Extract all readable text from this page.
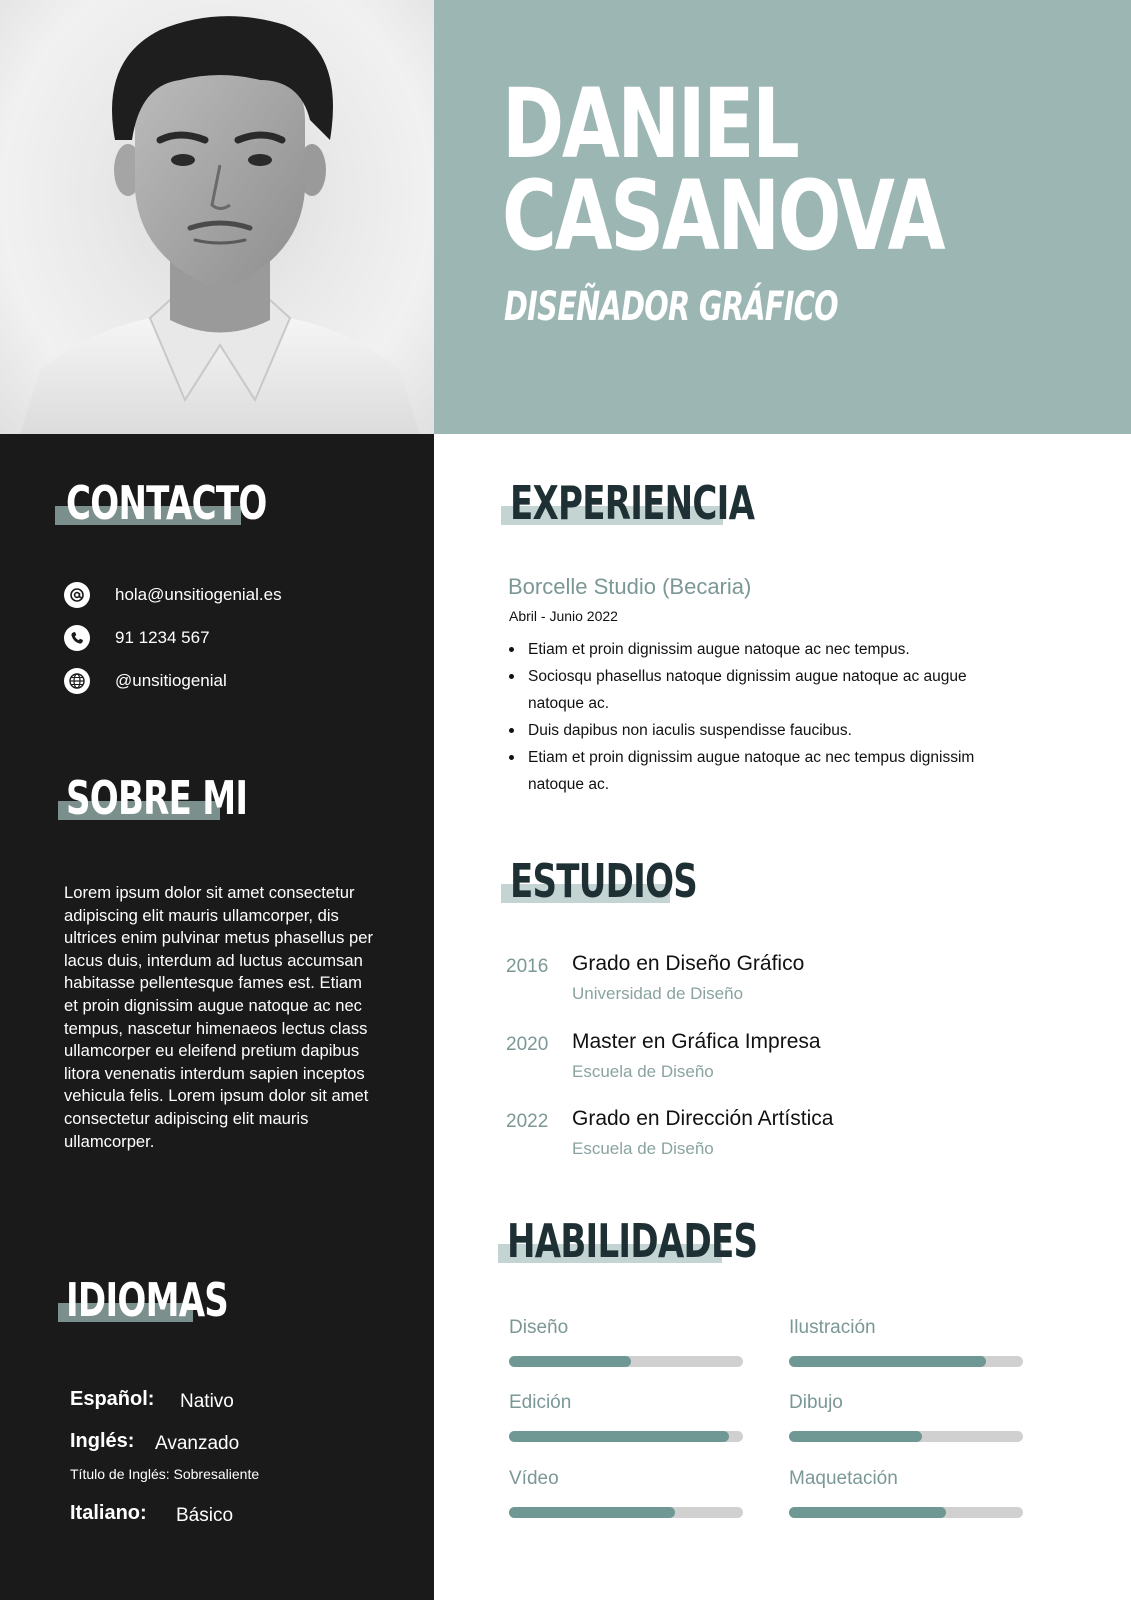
DANIEL
CASANOVA
DISEÑADOR GRÁFICO
CONTACTO
hola@unsitiogenial.es
91 1234 567
@unsitiogenial
SOBRE MI

Lorem ipsum dolor sit amet consectetur adipiscing elit mauris ullamcorper, dis ultrices enim pulvinar metus phasellus per lacus duis, interdum ad luctus accumsan habitasse pellentesque fames est. Etiam et proin dignissim augue natoque ac nec tempus, nascetur himenaeos lectus class ullamcorper eu eleifend pretium dapibus litora venenatis interdum sapien inceptos vehicula felis. Lorem ipsum dolor sit amet consectetur adipiscing elit mauris ullamcorper.

IDIOMAS
Español: Nativo
Inglés: Avanzado
Título de Inglés: Sobresaliente
Italiano: Básico
EXPERIENCIA
Borcelle Studio (Becaria)
Abril - Junio 2022
Etiam et proin dignissim augue natoque ac nec tempus.
Sociosqu phasellus natoque dignissim augue natoque ac augue natoque ac.
Duis dapibus non iaculis suspendisse faucibus.
Etiam et proin dignissim augue natoque ac nec tempus dignissim natoque ac.
ESTUDIOS
2016 Grado en Diseño Gráfico
Universidad de Diseño
2020 Master en Gráfica Impresa
Escuela de Diseño
2022 Grado en Dirección Artística
Escuela de Diseño
HABILIDADES
Diseño	Ilustración
Edición	Dibujo
Vídeo	Maquetación
